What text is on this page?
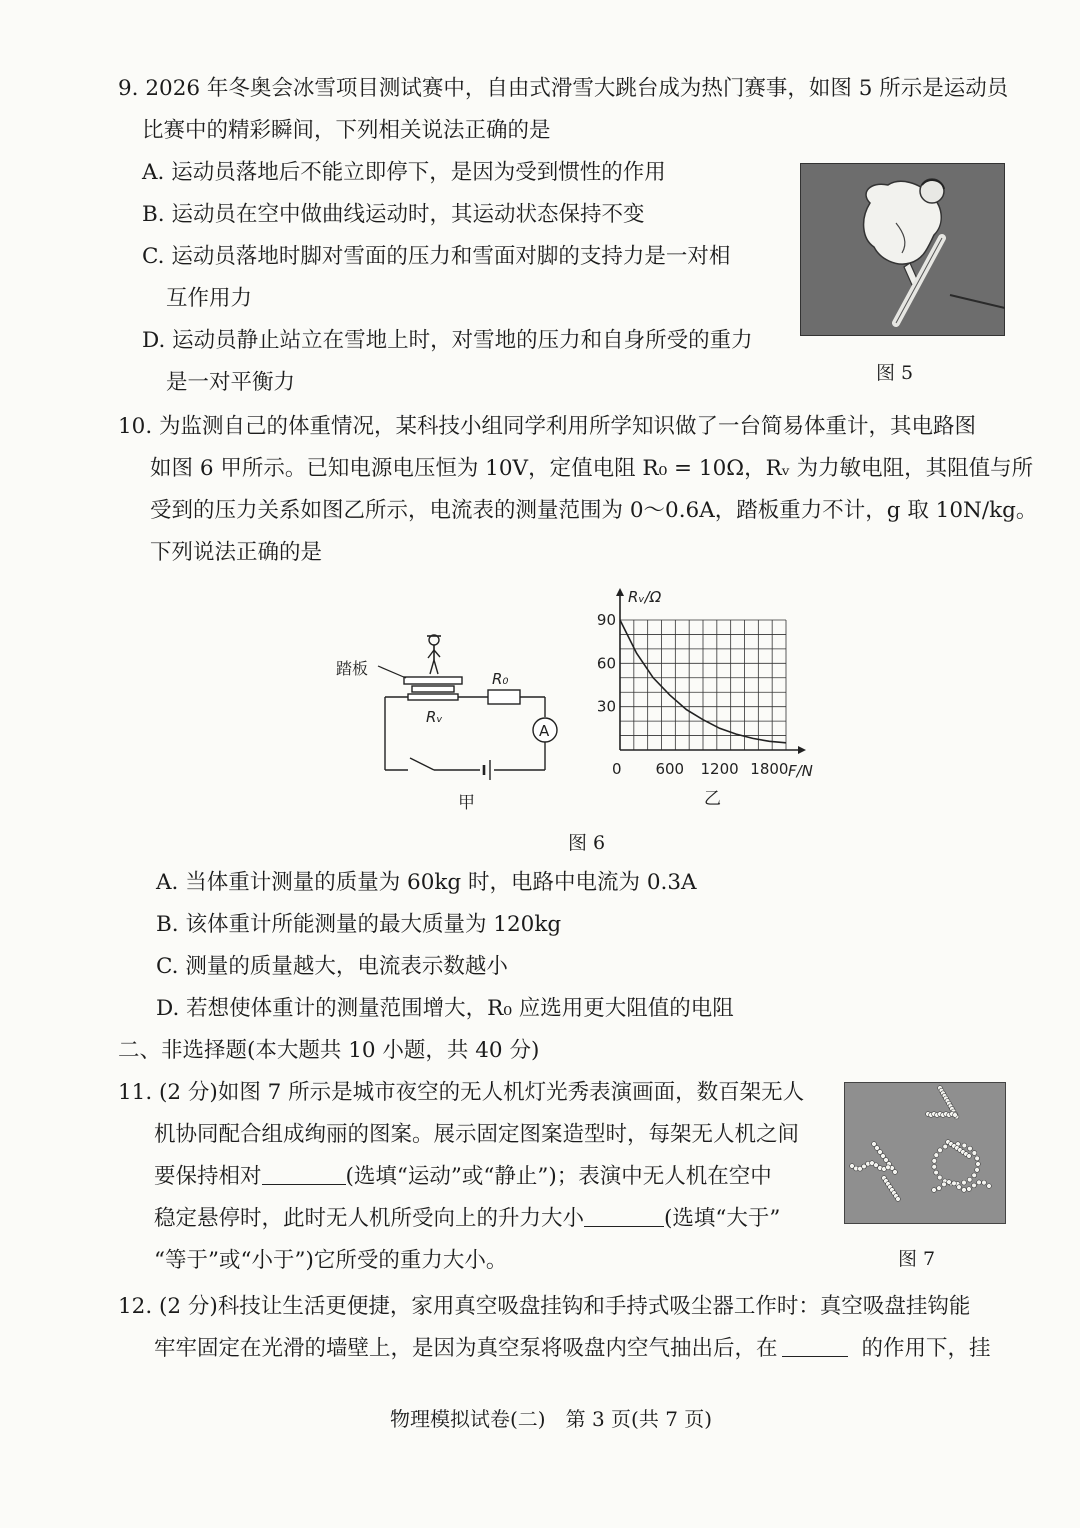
9. 2026 年冬奥会冰雪项目测试赛中，自由式滑雪大跳台成为热门赛事，如图 5 所示是运动员
比赛中的精彩瞬间，下列相关说法正确的是
A. 运动员落地后不能立即停下，是因为受到惯性的作用
B. 运动员在空中做曲线运动时，其运动状态保持不变
C. 运动员落地时脚对雪面的压力和雪面对脚的支持力是一对相
互作用力
D. 运动员静止站立在雪地上时，对雪地的压力和自身所受的重力
是一对平衡力	图 5
10. 为监测自己的体重情况，某科技小组同学利用所学知识做了一台简易体重计，其电路图
如图 6 甲所示。已知电源电压恒为 10V，定值电阻 R₀ = 10Ω，Rᵥ 为力敏电阻，其阻值与所
受到的压力关系如图乙所示，电流表的测量范围为 0～0.6A，踏板重力不计，g 取 10N/kg。
下列说法正确的是
踏板
R₀
A
Rᵥ
甲
30
60
90
600 1200 1800
Rᵥ/Ω
F/N
0
乙
图 6
A. 当体重计测量的质量为 60kg 时，电路中电流为 0.3A
B. 该体重计所能测量的最大质量为 120kg
C. 测量的质量越大，电流表示数越小
D. 若想使体重计的测量范围增大，R₀ 应选用更大阻值的电阻
二、非选择题(本大题共 10 小题，共 40 分)
11. (2 分)如图 7 所示是城市夜空的无人机灯光秀表演画面，数百架无人
机协同配合组成绚丽的图案。展示固定图案造型时，每架无人机之间
要保持相对	(选填“运动”或“静止”)；表演中无人机在空中
稳定悬停时，此时无人机所受向上的升力大小	(选填“大于”
“等于”或“小于”)它所受的重力大小。	图 7
12. (2 分)科技让生活更便捷，家用真空吸盘挂钩和手持式吸尘器工作时：真空吸盘挂钩能
牢牢固定在光滑的墙壁上，是因为真空泵将吸盘内空气抽出后，在	的作用下，挂
物理模拟试卷(二)　第 3 页(共 7 页)
